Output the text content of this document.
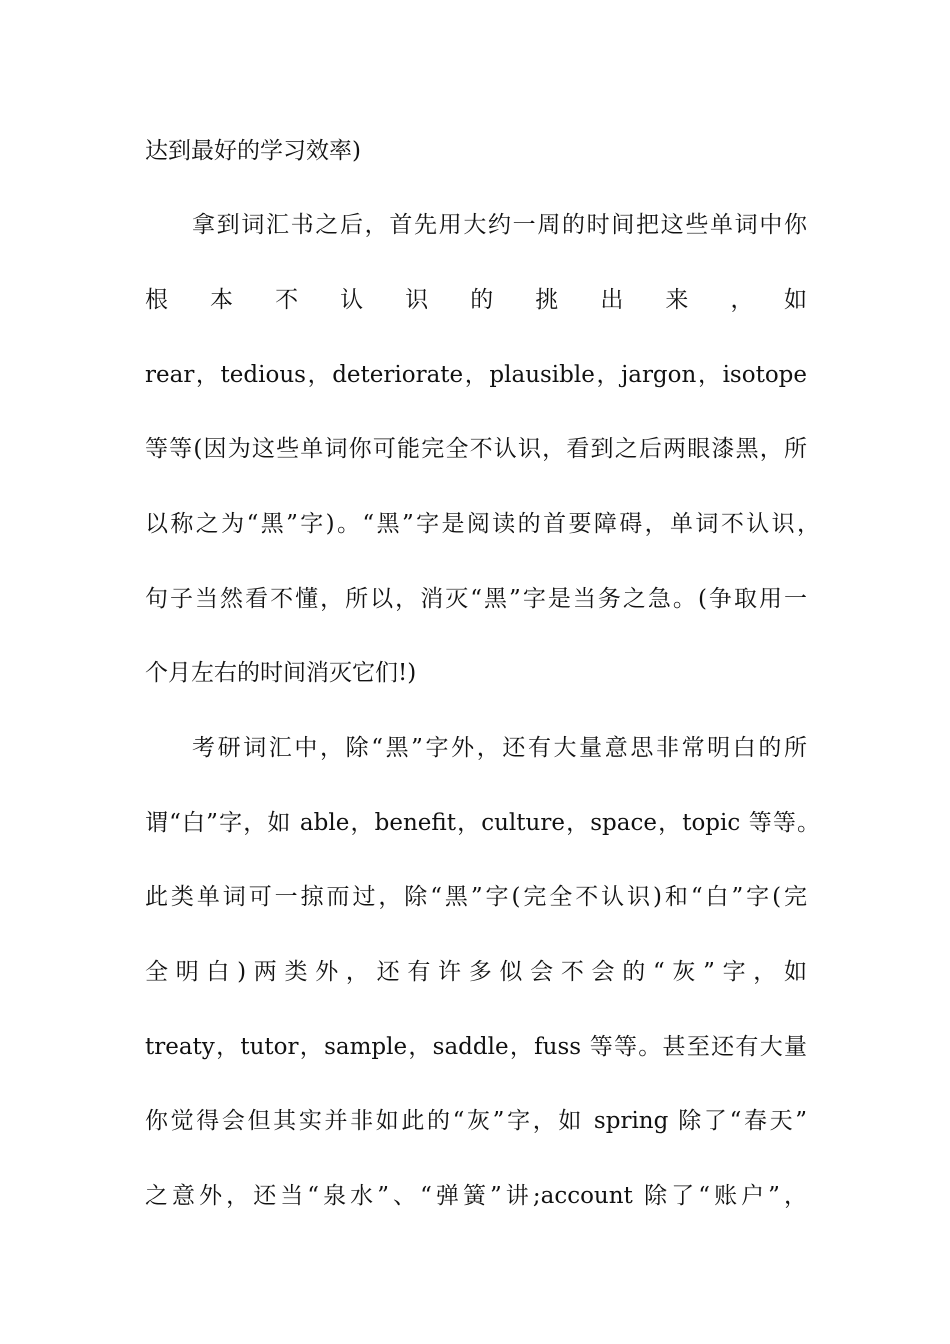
达到最好的学习效率)
拿到词汇书之后，首先用大约一周的时间把这些单词中你
根　本　不　认　识　的　挑　出　来　，　如
rear，tedious，deteriorate，plausible，jargon，isotope
等等(因为这些单词你可能完全不认识，看到之后两眼漆黑，所
以称之为“黑”字)。“黑”字是阅读的首要障碍，单词不认识，
句子当然看不懂，所以，消灭“黑”字是当务之急。(争取用一
个月左右的时间消灭它们!)
考研词汇中，除“黑”字外，还有大量意思非常明白的所
谓“白”字，如 able，benefit，culture，space，topic 等等。
此类单词可一掠而过，除“黑”字(完全不认识)和“白”字(完
全明白)两类外，还有许多似会不会的“灰”字，如
treaty，tutor，sample，saddle，fuss 等等。甚至还有大量
你觉得会但其实并非如此的“灰”字，如 spring 除了“春天”
之意外，还当“泉水”、“弹簧”讲;account 除了“账户”，
